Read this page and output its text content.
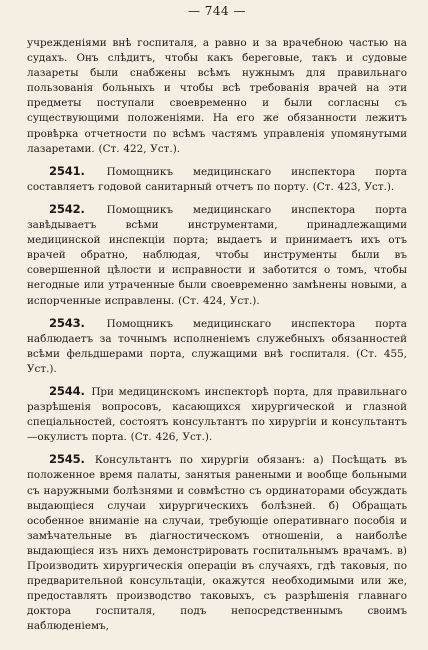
— 744 —

учрежденіями внѣ госпиталя, а равно и за врачебною частью на судахъ. Онъ слѣдитъ, чтобы какъ береговые, такъ и судовые лазареты были снабжены всѣмъ нужнымъ для правильнаго пользованія больныхъ и чтобы всѣ требованія врачей на эти предметы поступали своевременно и были согласны съ существующими положеніями. На его же обязанности лежитъ провѣрка отчетности по всѣмъ частямъ управленія упомянутыми лазаретами. (Ст. 422, Уст.).

2541. Помощникъ медицинскаго инспектора порта составляетъ годовой санитарный отчетъ по порту. (Ст. 423, Уст.).

2542. Помощникъ медицинскаго инспектора порта завѣдываетъ всѣми инструментами, принадлежащими медицинской инспекціи порта; выдаетъ и принимаетъ ихъ отъ врачей обратно, наблюдая, чтобы инструменты были въ совершенной цѣлости и исправности и заботится о томъ, чтобы негодные или утраченные были своевременно замѣнены новыми, а испорченные исправлены. (Ст. 424, Уст.).

2543. Помощникъ медицинскаго инспектора порта наблюдаетъ за точнымъ исполненіемъ служебныхъ обязанностей всѣми фельдшерами порта, служащими внѣ госпиталя. (Ст. 455, Уст.).

2544. При медицинскомъ инспекторѣ порта, для правильнаго разрѣшенія вопросовъ, касающихся хирургической и глазной спеціальностей, состоятъ консультантъ по хирургіи и консультантъ—окулистъ порта. (Ст. 426, Уст.).

2545. Консультантъ по хирургіи обязанъ: а) Посѣщать въ положенное время палаты, занятыя ранеными и вообще больными съ наружными болѣзнями и совмѣстно съ ординаторами обсуждать выдающіеся случаи хирургическихъ болѣзней. б) Обращать особенное вниманіе на случаи, требующіе оперативнаго пособія и замѣчательные въ діагностическомъ отношеніи, а наиболѣе выдающіеся изъ нихъ демонстрировать госпитальнымъ врачамъ. в) Производить хирургическія операціи въ случаяхъ, гдѣ таковыя, по предварительной консультаціи, окажутся необходимыми или же, предоставлять производство таковыхъ, съ разрѣшенія главнаго доктора госпиталя, подъ непосредственнымъ своимъ наблюденіемъ,
